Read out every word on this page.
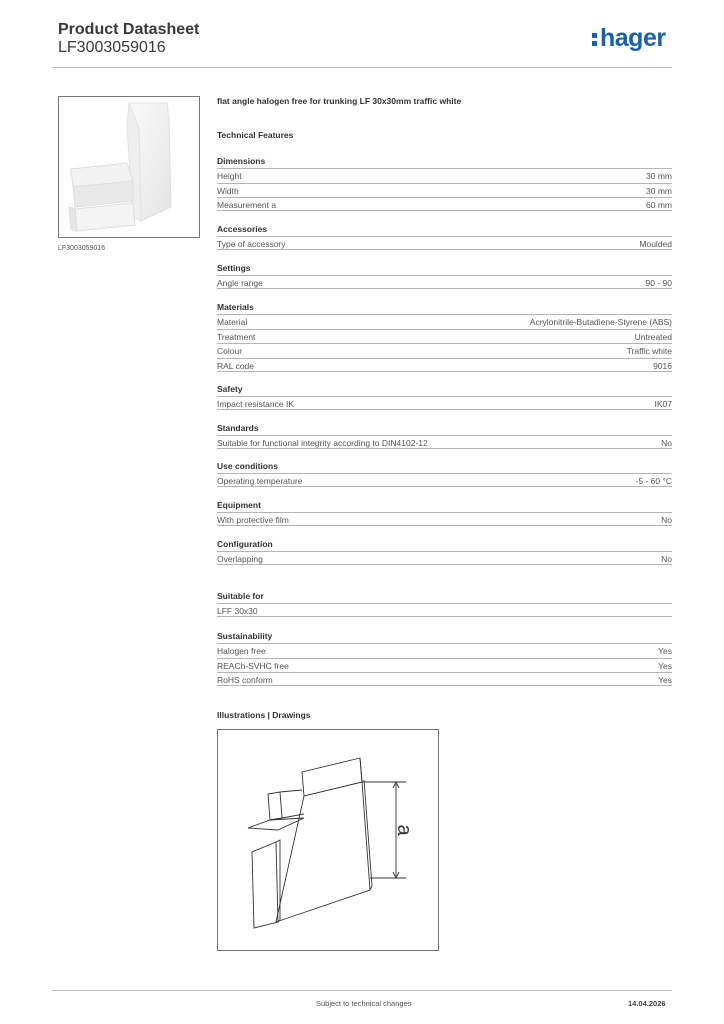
Product Datasheet
LF3003059016	hager
LF3003059016
flat angle halogen free for trunking LF 30x30mm traffic white
Technical Features
Dimensions
Height	30 mm
Width	30 mm
Measurement a	60 mm
Accessories
Type of accessory	Moulded
Settings
Angle range	90 - 90
Materials
Material	Acrylonitrile-Butadiene-Styrene (ABS)
Treatment	Untreated
Colour	Traffic white
RAL code	9016
Safety
Impact resistance IK	IK07
Standards
Suitable for functional integrity according to DIN4102-12	No
Use conditions
Operating temperature	-5 - 60 °C
Equipment
With protective film	No
Configuration
Overlapping	No
Suitable for
LFF 30x30
Sustainability
Halogen free	Yes
REACh-SVHC free	Yes
RoHS conform	Yes
Illustrations | Drawings
a
Subject to technical changes	14.04.2026
